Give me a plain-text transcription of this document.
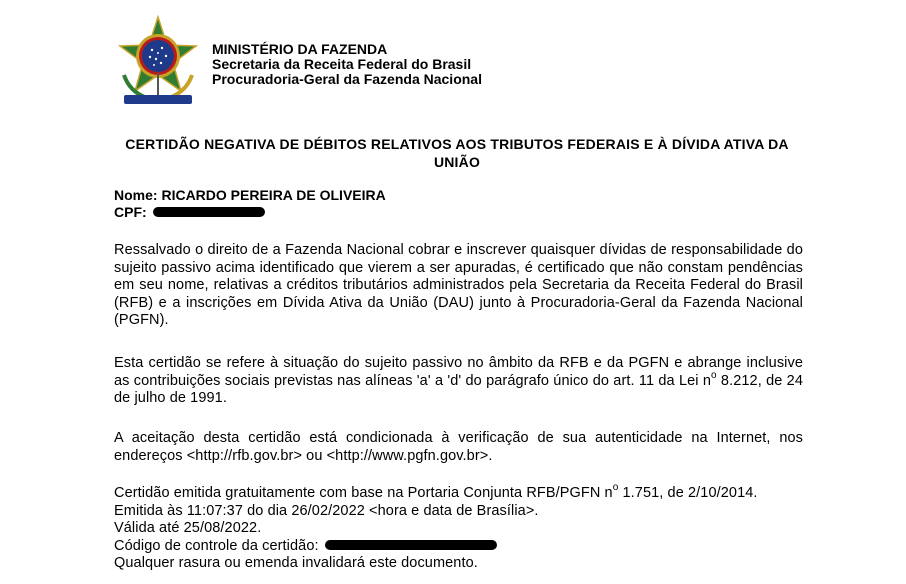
MINISTÉRIO DA FAZENDA
Secretaria da Receita Federal do Brasil
Procuradoria-Geral da Fazenda Nacional
CERTIDÃO NEGATIVA DE DÉBITOS RELATIVOS AOS TRIBUTOS FEDERAIS E À DÍVIDA ATIVA DA UNIÃO
Nome: RICARDO PEREIRA DE OLIVEIRA
CPF:
Ressalvado o direito de a Fazenda Nacional cobrar e inscrever quaisquer dívidas de responsabilidade do sujeito passivo acima identificado que vierem a ser apuradas, é certificado que não constam pendências em seu nome, relativas a créditos tributários administrados pela Secretaria da Receita Federal do Brasil (RFB) e a inscrições em Dívida Ativa da União (DAU) junto à Procuradoria-Geral da Fazenda Nacional (PGFN).
Esta certidão se refere à situação do sujeito passivo no âmbito da RFB e da PGFN e abrange inclusive as contribuições sociais previstas nas alíneas 'a' a 'd' do parágrafo único do art. 11 da Lei $n^o$ 8.212, de 24 de julho de 1991.
A aceitação desta certidão está condicionada à verificação de sua autenticidade na Internet, nos endereços <http://rfb.gov.br> ou <http://www.pgfn.gov.br>.
Certidão emitida gratuitamente com base na Portaria Conjunta RFB/PGFN $n^o$ 1.751, de 2/10/2014.
Emitida às 11:07:37 do dia 26/02/2022 <hora e data de Brasília>.
Válida até 25/08/2022.
Código de controle da certidão:
Qualquer rasura ou emenda invalidará este documento.
